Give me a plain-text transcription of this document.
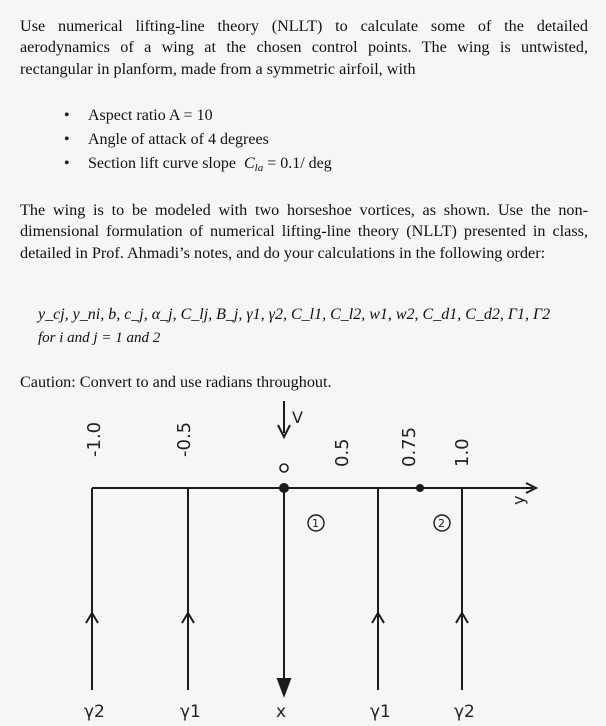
Use numerical lifting-line theory (NLLT) to calculate some of the detailed aerodynamics of a wing at the chosen control points. The wing is untwisted, rectangular in planform, made from a symmetric airfoil, with

• Aspect ratio A = 10
• Angle of attack of 4 degrees
• Section lift curve slope Cla = 0.1/ deg

The wing is to be modeled with two horseshoe vortices, as shown. Use the non-dimensional formulation of numerical lifting-line theory (NLLT) presented in class, detailed in Prof. Ahmadi’s notes, and do your calculations in the following order:

y_cj, y_ni, b, c_j, α_j, C_lj, B_j, γ1, γ2, C_l1, C_l2, w1, w2, C_d1, C_d2, Γ1, Γ2
for i and j = 1 and 2
Caution: Convert to and use radians throughout.
-1.0	-0.5	0.5	0.75 1.0
V
y
1	2
γ2	γ1	x	γ1	γ2
